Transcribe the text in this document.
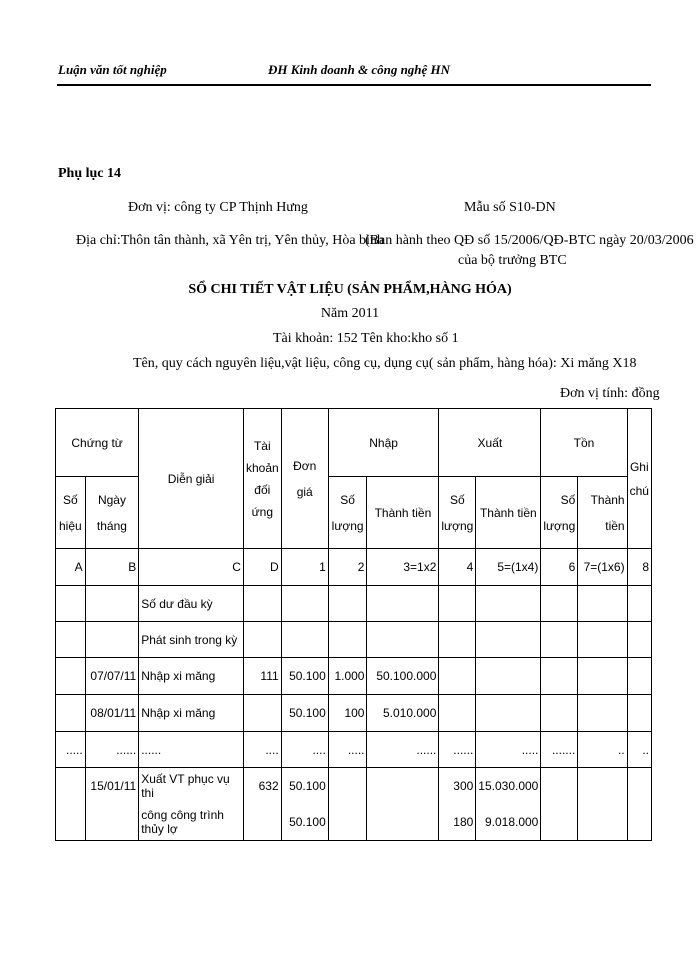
Luận văn tốt nghiệp	ĐH Kinh doanh & công nghệ HN
Phụ lục 14
Đơn vị: công ty CP Thịnh Hưng	Mẫu số S10-DN
Địa chỉ:Thôn tân thành, xã Yên trị, Yên thủy, Hòa bình
(Ban hành theo QĐ số 15/2006/QĐ-BTC ngày 20/03/2006
của bộ trưởng BTC
SỔ CHI TIẾT VẬT LIỆU (SẢN PHẨM,HÀNG HÓA)
Năm 2011
Tài khoản: 152 Tên kho:kho số 1
Tên, quy cách nguyên liệu,vật liệu, công cụ, dụng cụ( sản phẩm, hàng hóa): Xi măng X18
Đơn vị tính: đồng
Chứng từ		Diễn giải	Tài khoản đối ứng	Đơn giá	Nhập		Xuất		Tồn		Ghi chú
Số hiệu	Ngày tháng				Số lượng	Thành tiền	Số lượng	Thành tiền	Số lượng	Thành tiền	
A	B	C	D	1	2	3=1x2	4	5=(1x4)	6	7=(1x6)	8
		Số dư đầu kỳ									
		Phát sinh trong kỳ									
	07/07/11	Nhập xi măng	111	50.100	1.000	50.100.000					
	08/01/11	Nhập xi măng		50.100	100	5.010.000					
.....	......	......	....	....	.....	......	......	.....	.......	..	..
	15/01/11	Xuất VT phục vụ thi	632	50.100			300	15.030.000			
		công công trình thủy lợ		50.100			180	9.018.000			
